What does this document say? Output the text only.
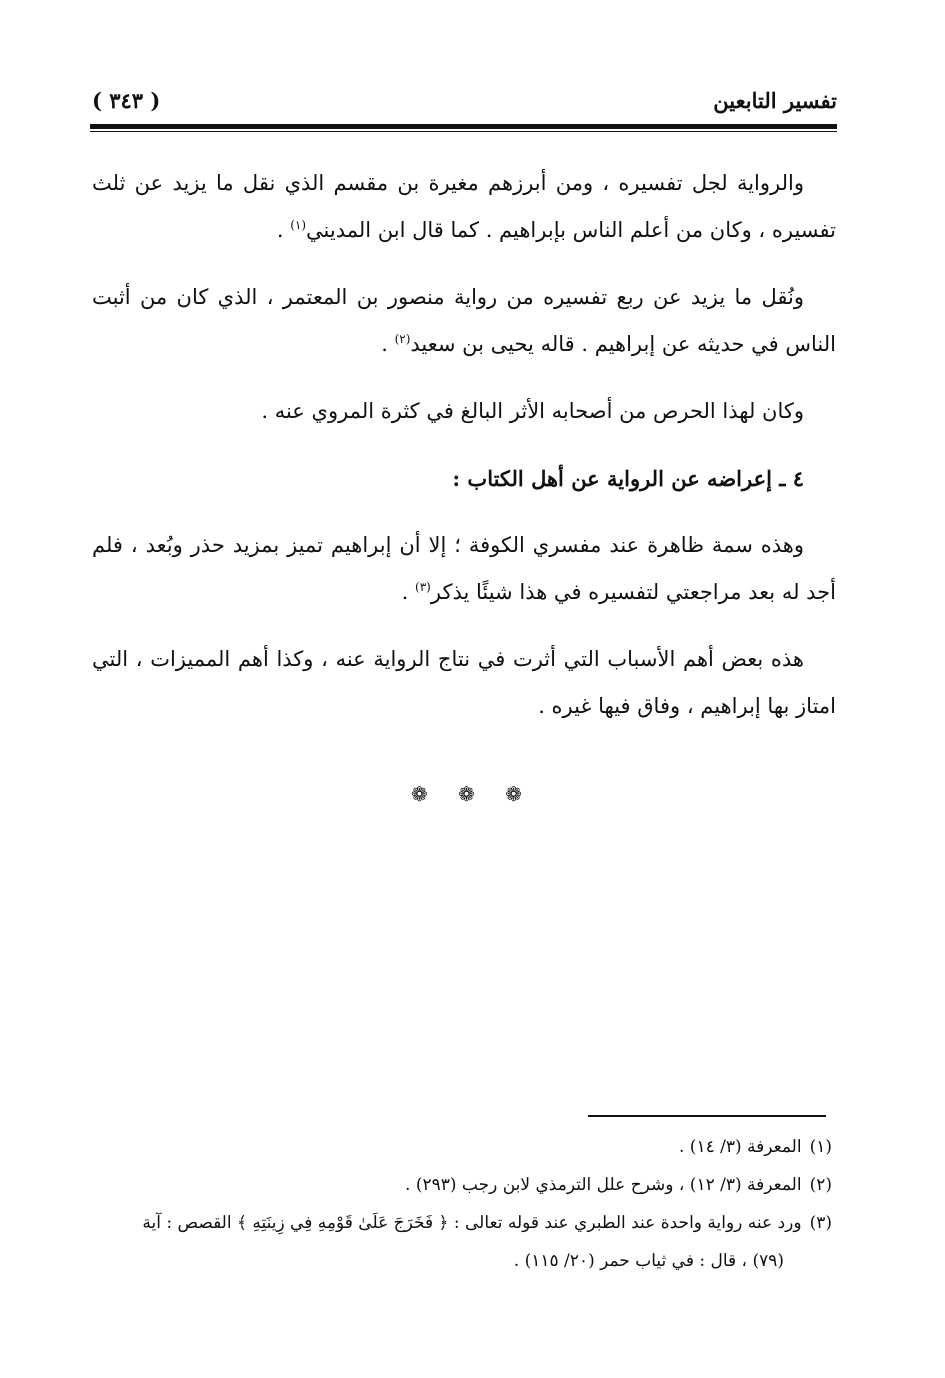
تفسير التابعين
( ٣٤٣ )

والرواية لجل تفسيره ، ومن أبرزهم مغيرة بن مقسم الذي نقل ما يزيد عن ثلث تفسيره ، وكان من أعلم الناس بإبراهيم . كما قال ابن المديني$^{(١)}$ .

ونُقل ما يزيد عن ربع تفسيره من رواية منصور بن المعتمر ، الذي كان من أثبت الناس في حديثه عن إبراهيم . قاله يحيى بن سعيد$^{(٢)}$ .

وكان لهذا الحرص من أصحابه الأثر البالغ في كثرة المروي عنه .

٤ ـ إعراضه عن الرواية عن أهل الكتاب :

وهذه سمة ظاهرة عند مفسري الكوفة ؛ إلا أن إبراهيم تميز بمزيد حذر وبُعد ، فلم أجد له بعد مراجعتي لتفسيره في هذا شيئًا يذكر$^{(٣)}$ .

هذه بعض أهم الأسباب التي أثرت في نتاج الرواية عنه ، وكذا أهم المميزات ، التي امتاز بها إبراهيم ، وفاق فيها غيره .

❁ ❁ ❁

(١)المعرفة (٣/ ١٤) .

(٢)المعرفة (٣/ ١٢) ، وشرح علل الترمذي لابن رجب (٢٩٣) .

(٣)ورد عنه رواية واحدة عند الطبري عند قوله تعالى : ﴿ فَخَرَجَ عَلَىٰ قَوْمِهِ فِي زِينَتِهِ ﴾ القصص : آية
(٧٩) ، قال : في ثياب حمر (٢٠/ ١١٥) .
